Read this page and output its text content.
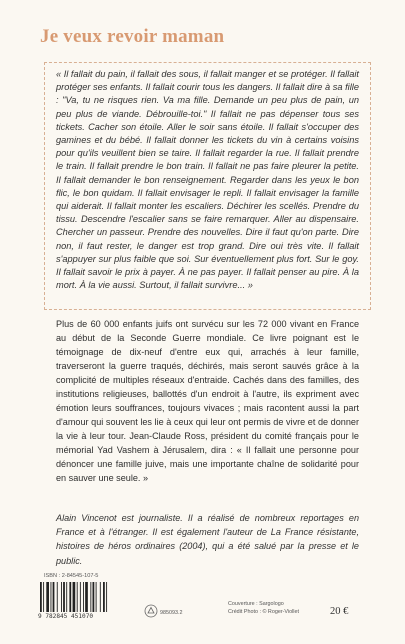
Je veux revoir maman
« Il fallait du pain, il fallait des sous, il fallait manger et se protéger. Il fallait protéger ses enfants. Il fallait courir tous les dangers. Il fallait dire à sa fille : "Va, tu ne risques rien. Va ma fille. Demande un peu plus de pain, un peu plus de viande. Débrouille-toi." Il fallait ne pas dépenser tous ses tickets. Cacher son étoile. Aller le soir sans étoile. Il fallait s'occuper des gamines et du bébé. Il fallait donner les tickets du vin à certains voisins pour qu'ils veuillent bien se taire. Il fallait regarder la rue. Il fallait prendre le train. Il fallait prendre le bon train. Il fallait ne pas faire pleurer la petite. Il fallait demander le bon renseignement. Regarder dans les yeux le bon flic, le bon quidam. Il fallait envisager le repli. Il fallait envisager la famille qui aiderait. Il fallait monter les escaliers. Déchirer les scellés. Prendre du tissu. Descendre l'escalier sans se faire remarquer. Aller au dispensaire. Chercher un passeur. Prendre des nouvelles. Dire il faut qu'on parte. Dire non, il faut rester, le danger est trop grand. Dire oui très vite. Il fallait s'appuyer sur plus faible que soi. Sur éventuellement plus fort. Sur le goy. Il fallait savoir le prix à payer. À ne pas payer. Il fallait penser au pire. À la mort. À la vie aussi. Surtout, il fallait survivre... »
Plus de 60 000 enfants juifs ont survécu sur les 72 000 vivant en France au début de la Seconde Guerre mondiale. Ce livre poignant est le témoignage de dix-neuf d'entre eux qui, arrachés à leur famille, traverseront la guerre traqués, déchirés, mais seront sauvés grâce à la complicité de multiples réseaux d'entraide. Cachés dans des familles, des institutions religieuses, ballottés d'un endroit à l'autre, ils expriment avec émotion leurs souffrances, toujours vivaces ; mais racontent aussi la part d'amour qui souvent les lie à ceux qui leur ont permis de vivre et de donner la vie à leur tour. Jean-Claude Ross, président du comité français pour le mémorial Yad Vashem à Jérusalem, dira : « Il fallait une personne pour dénoncer une famille juive, mais une importante chaîne de solidarité pour en sauver une seule. »
Alain Vincenot est journaliste. Il a réalisé de nombreux reportages en France et à l'étranger. Il est également l'auteur de La France résistante, histoires de héros ordinaires (2004), qui a été salué par la presse et le public.
ISBN : 2-84545-107-5
9 782845 451070	985093.2
Couverture : Sargologo
Crédit Photo : © Roger-Viollet	20 €
